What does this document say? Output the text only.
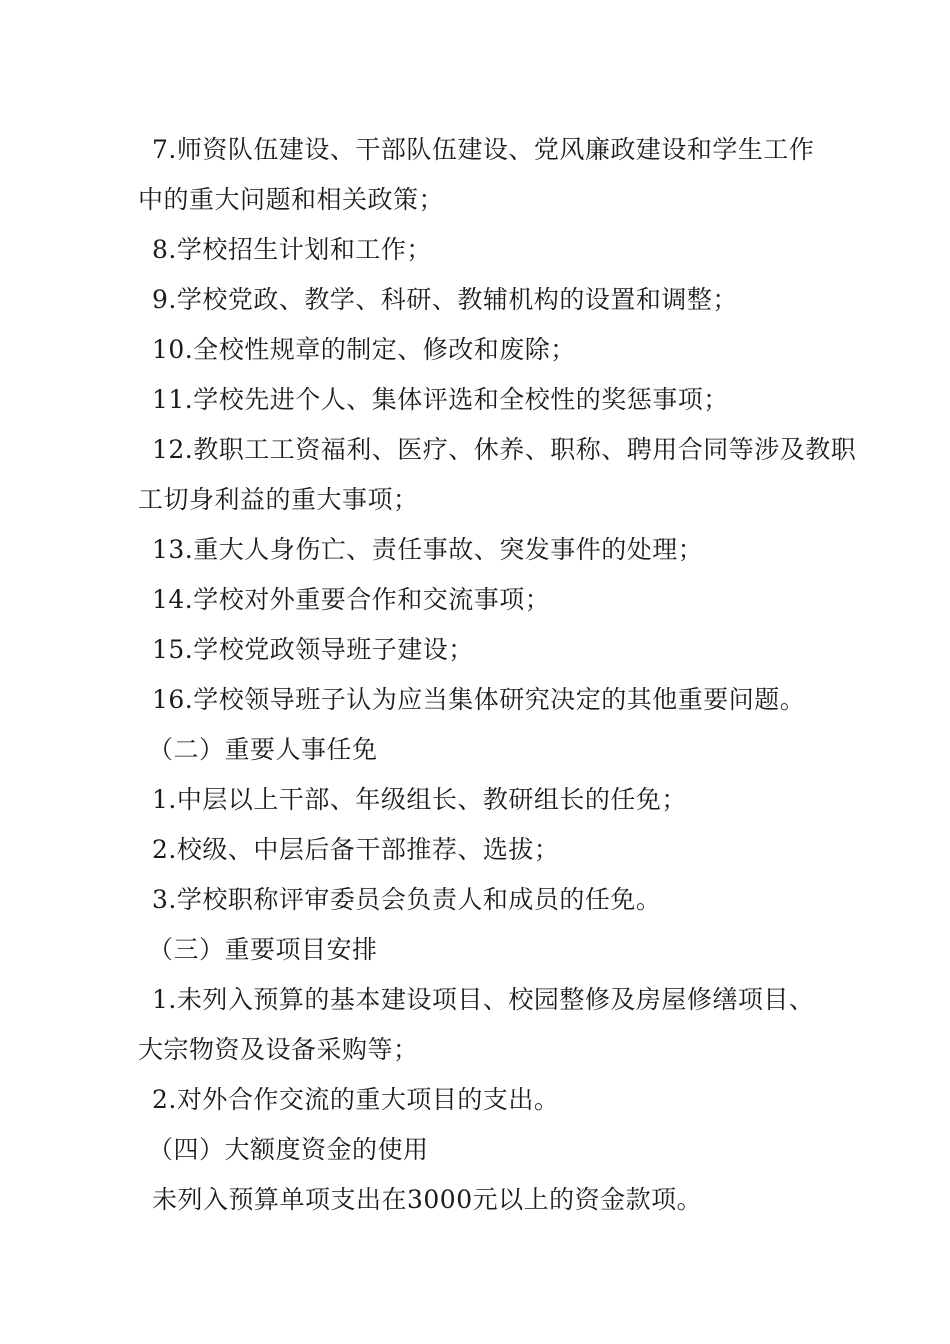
7.师资队伍建设、干部队伍建设、党风廉政建设和学生工作
中的重大问题和相关政策；
8.学校招生计划和工作；
9.学校党政、教学、科研、教辅机构的设置和调整；
10.全校性规章的制定、修改和废除；
11.学校先进个人、集体评选和全校性的奖惩事项；
12.教职工工资福利、医疗、休养、职称、聘用合同等涉及教职
工切身利益的重大事项；
13.重大人身伤亡、责任事故、突发事件的处理；
14.学校对外重要合作和交流事项；
15.学校党政领导班子建设；
16.学校领导班子认为应当集体研究决定的其他重要问题。
（二）重要人事任免
1.中层以上干部、年级组长、教研组长的任免；
2.校级、中层后备干部推荐、选拔；
3.学校职称评审委员会负责人和成员的任免。
（三）重要项目安排
1.未列入预算的基本建设项目、校园整修及房屋修缮项目、
大宗物资及设备采购等；
2.对外合作交流的重大项目的支出。
（四）大额度资金的使用
未列入预算单项支出在3000元以上的资金款项。
